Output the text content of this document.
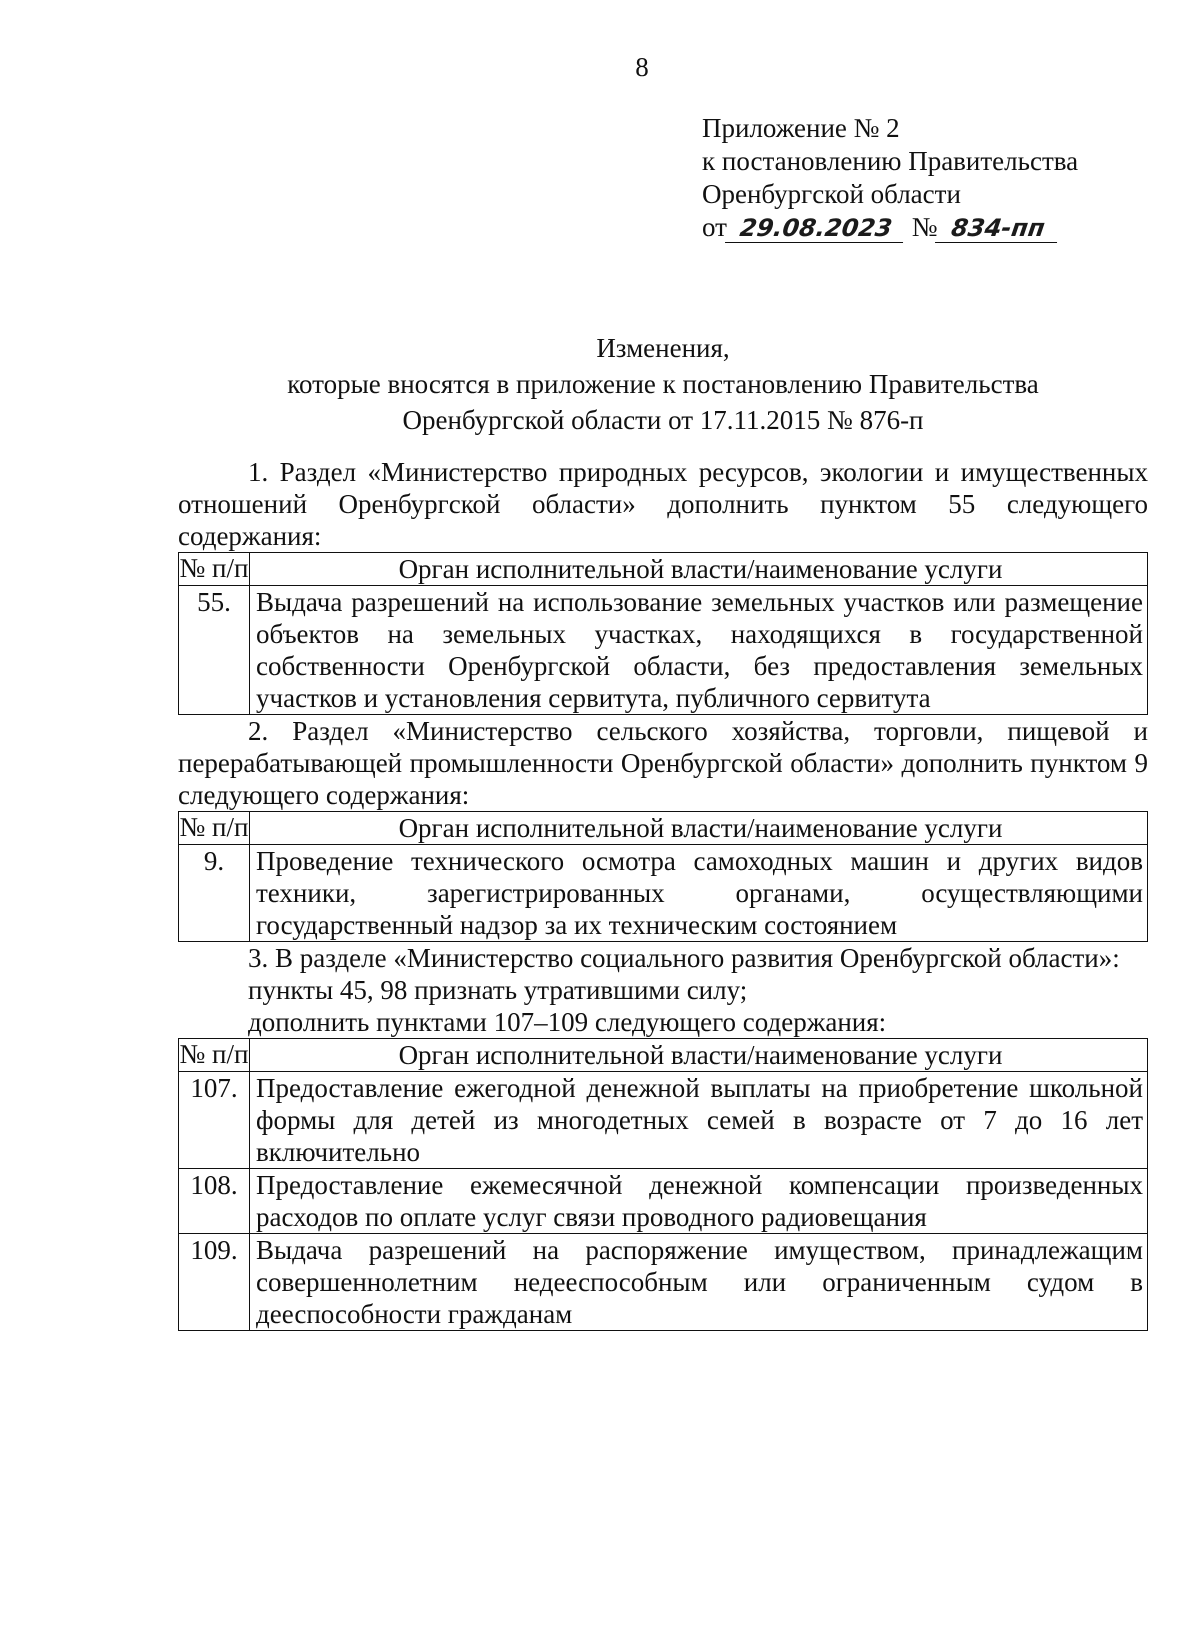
8
Приложение № 2
к постановлению Правительства
Оренбургской области
от 29.08.2023 № 834-пп
Изменения,
которые вносятся в приложение к постановлению Правительства
Оренбургской области от 17.11.2015 № 876-п

1. Раздел «Министерство природных ресурсов, экологии и имущественных отношений Оренбургской области» дополнить пунктом 55 следующего содержания:

№ п/п	Орган исполнительной власти/наименование услуги
55.	Выдача разрешений на использование земельных участков или размещение объектов на земельных участках, находящихся в государственной собственности Оренбургской области, без предоставления земельных участков и установления сервитута, публичного сервитута

2. Раздел «Министерство сельского хозяйства, торговли, пищевой и перерабатывающей промышленности Оренбургской области» дополнить пунктом 9 следующего содержания:

№ п/п	Орган исполнительной власти/наименование услуги
9.	Проведение технического осмотра самоходных машин и других видов техники, зарегистрированных органами, осуществляющими государственный надзор за их техническим состоянием

3. В разделе «Министерство социального развития Оренбургской области»:

пункты 45, 98 признать утратившими силу;

дополнить пунктами 107–109 следующего содержания:

№ п/п	Орган исполнительной власти/наименование услуги
107.	Предоставление ежегодной денежной выплаты на приобретение школьной формы для детей из многодетных семей в возрасте от 7 до 16 лет включительно
108.	Предоставление ежемесячной денежной компенсации произведенных расходов по оплате услуг связи проводного радиовещания
109.	Выдача разрешений на распоряжение имуществом, принадлежащим совершеннолетним недееспособным или ограниченным судом в дееспособности гражданам
